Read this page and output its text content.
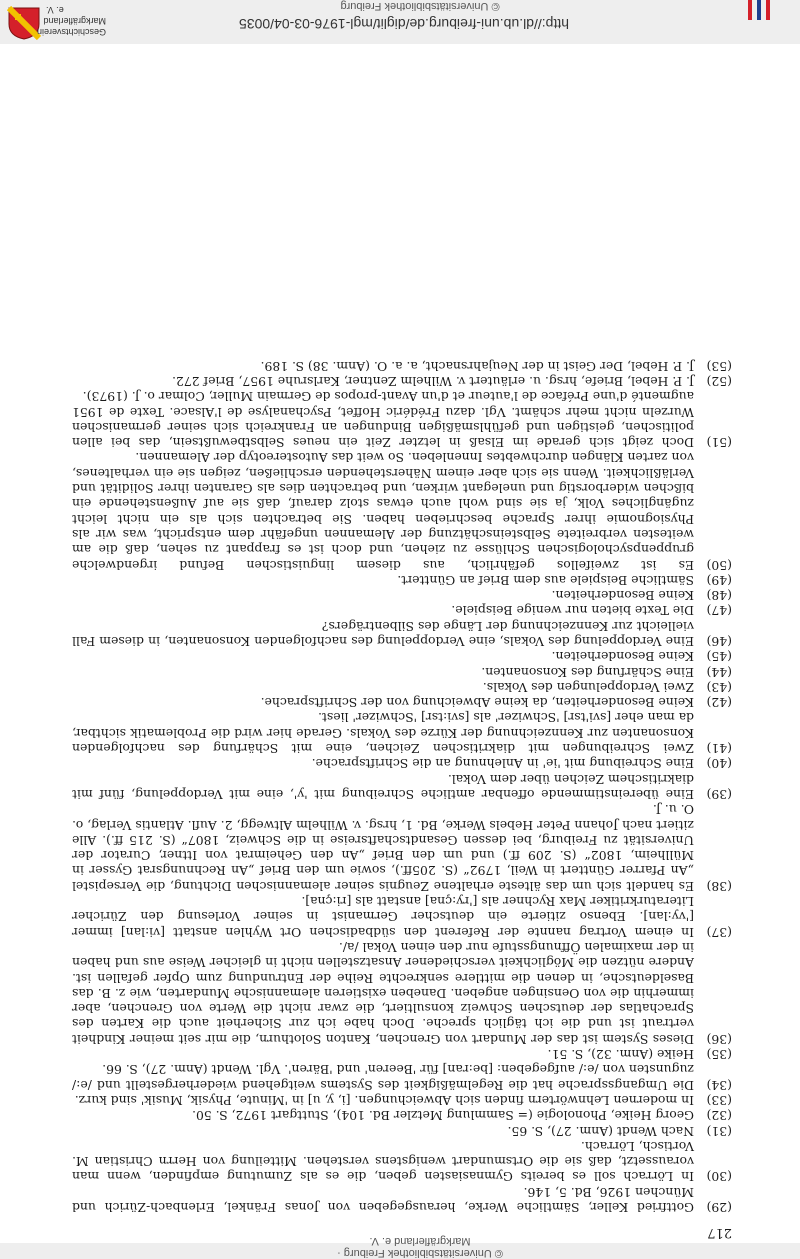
Geschichtsverein Markgräflerland e. V.	© Universitätsbibliothek Freiburg
http://dl.ub.uni-freiburg.de/diglit/mgl-1976-03-04/0035
217
(29)
Gottfried Keller, Sämtliche Werke, herausgegeben von Jonas Fränkel, Erlenbach-Zürich und München 1926, Bd. 5, 146.
(30)
In Lörrach soll es bereits Gymnasiasten geben, die es als Zumutung empfinden, wenn man voraussetzt, daß sie die Ortsmundart wenigstens verstehen. Mitteilung von Herrn Christian M. Vortisch, Lörrach.
(31)
Nach Wendt (Anm. 27), S. 65.
(32)
Georg Heike, Phonologie (= Sammlung Metzler Bd. 104), Stuttgart 1972, S. 50.
(33)
In modernen Lehnwörtern finden sich Abweichungen. [i, y, u] in 'Minute, Physik, Musik' sind kurz.
(34)
Die Umgangssprache hat die Regelmäßigkeit des Systems weitgehend wiederhergestellt und /e:/ zugunsten von /e:/ aufgegeben: [be:ran] für 'Beeren' und 'Bären'. Vgl. Wendt (Anm. 27), S. 66.
(35)
Heike (Anm. 32), S. 51.
(36)
Dieses System ist das der Mundart von Grenchen, Kanton Solothurn, die mir seit meiner Kindheit vertraut ist und die ich täglich spreche. Doch habe ich zur Sicherheit auch die Karten des Sprachatlas der deutschen Schweiz konsultiert, die zwar nicht die Werte von Grenchen, aber immerhin die von Oensingen angeben. Daneben existieren alemannische Mundarten, wie z. B. das Baseldeutsche, in denen die mittlere senkrechte Reihe der Entrundung zum Opfer gefallen ist. Andere nützen die Möglichkeit verschiedener Ansatzstellen nicht in gleicher Weise aus und haben in der maximalen Öffnungsstufe nur den einen Vokal /a/.
(37)
In einem Vortrag nannte der Referent den südbadischen Ort Wyhlen anstatt [vi:lan] immer ['vy:lan]. Ebenso zitierte ein deutscher Germanist in seiner Vorlesung den Züricher Literaturkritiker Max Rychner als ['ry:çna] anstatt als [ri:çna].
(38)
Es handelt sich um das älteste erhaltene Zeugnis seiner alemannischen Dichtung, die Versepistel „An Pfarrer Günttert in Weil, 1792“ (S. 205ff.), sowie um den Brief „An Rechnungsrat Gysser in Müllheim, 1802“ (S. 209 ff.) und um den Brief „An den Geheimrat von Ittner, Curator der Universität zu Freiburg, bei dessen Gesandtschaftsreise in die Schweiz, 1807“ (S. 215 ff.). Alle zitiert nach Johann Peter Hebels Werke, Bd. 1, hrsg. v. Wilhelm Altwegg, 2. Aufl. Atlantis Verlag, o. O. u. J.
(39)
Eine übereinstimmende offenbar amtliche Schreibung mit 'y', eine mit Verdoppelung, fünf mit diakritischem Zeichen über dem Vokal.
(40)
Eine Schreibung mit 'ie' in Anlehnung an die Schriftsprache.
(41)
Zwei Schreibungen mit diakritischen Zeichen, eine mit Schärfung des nachfolgenden Konsonanten zur Kennzeichnung der Kürze des Vokals. Gerade hier wird die Problematik sichtbar, da man eher [svi'tsr] 'Schwizer' als [svi:tsr] 'Schwizer' liest.
(42)
Keine Besonderheiten, da keine Abweichung von der Schriftsprache.
(43)
Zwei Verdoppelungen des Vokals.
(44)
Eine Schärfung des Konsonanten.
(45)
Keine Besonderheiten.
(46)
Eine Verdoppelung des Vokals, eine Verdoppelung des nachfolgenden Konsonanten, in diesem Fall vielleicht zur Kennzeichnung der Länge des Silbenträgers?
(47)
Die Texte bieten nur wenige Beispiele.
(48)
Keine Besonderheiten.
(49)
Sämtliche Beispiele aus dem Brief an Günttert.
(50)
Es ist zweifellos gefährlich, aus diesem linguistischen Befund irgendwelche gruppenpsychologischen Schlüsse zu ziehen, und doch ist es frappant zu sehen, daß die am weitesten verbreitete Selbsteinschätzung der Alemannen ungefähr dem entspricht, was wir als Physiognomie ihrer Sprache beschrieben haben. Sie betrachten sich als ein nicht leicht zugängliches Volk, ja sie sind wohl auch etwas stolz darauf, daß sie auf Außenstehende ein bißchen widerborstig und unelegant wirken, und betrachten dies als Garanten ihrer Solidität und Verläßlichkeit. Wenn sie sich aber einem Näherstehenden erschließen, zeigen sie ein verhaltenes, von zarten Klängen durchwebtes Innenleben. So weit das Autostereotyp der Alemannen.
(51)
Doch zeigt sich gerade im Elsaß in letzter Zeit ein neues Selbstbewußtsein, das bei allen politischen, geistigen und gefühlsmäßigen Bindungen an Frankreich sich seiner germanischen Wurzeln nicht mehr schämt. Vgl. dazu Frédéric Hoffet, Psychanalyse de l'Alsace. Texte de 1951 augmenté d'une Préface de l'auteur et d'un Avant-propos de Germain Muller, Colmar o. J. (1973).
(52)
J. P. Hebel, Briefe, hrsg. u. erläutert v. Wilhelm Zentner, Karlsruhe 1957, Brief 272.
(53)
J. P. Hebel, Der Geist in der Neujahrsnacht, a. a. O. (Anm. 38) S. 189.
© Universitätsbibliothek Freiburg · Markgräflerland e. V.
